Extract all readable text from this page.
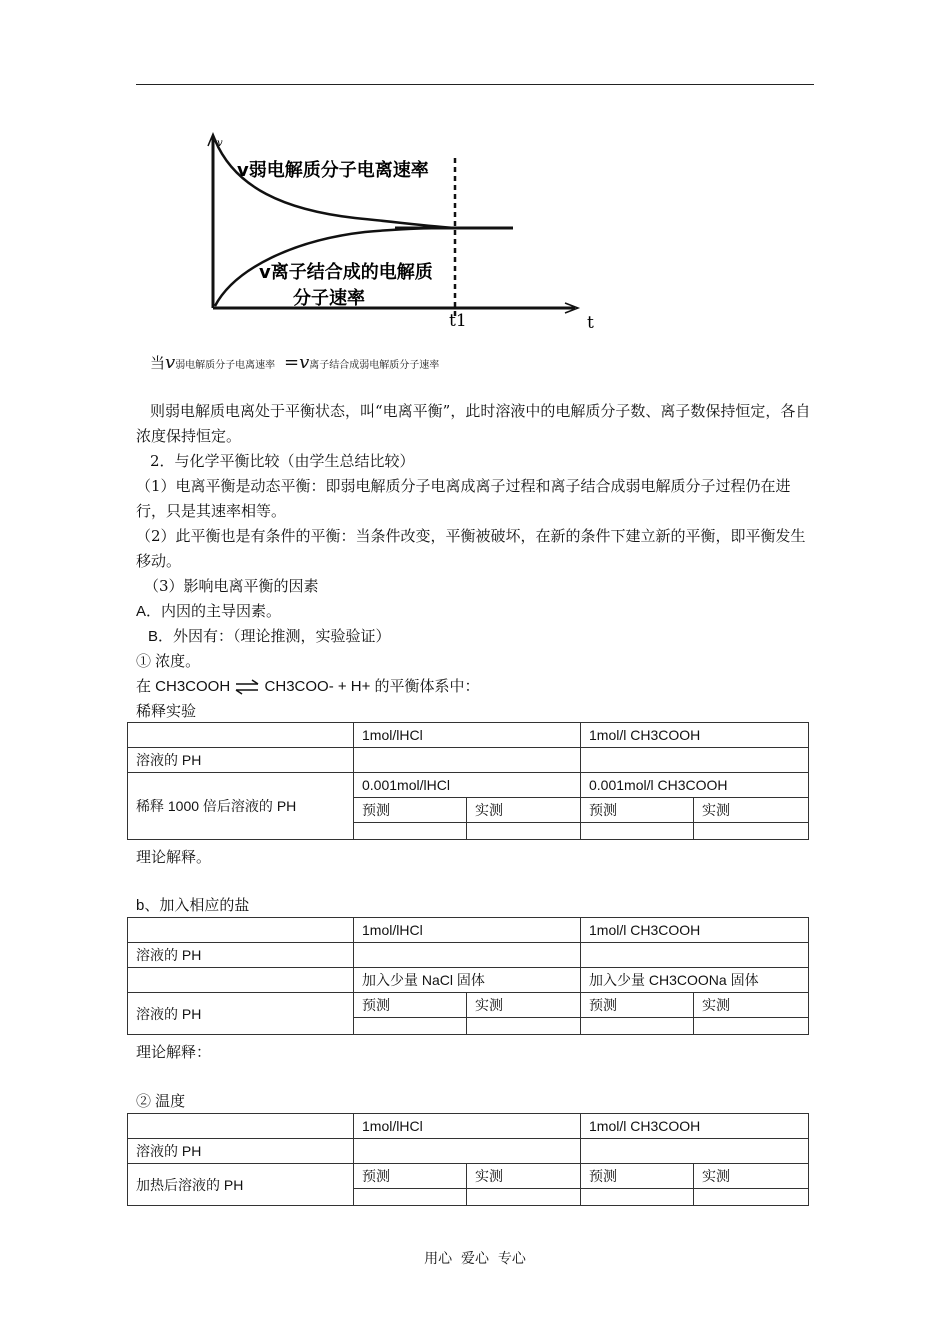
v
v弱电解质分子电离速率
v离子结合成的电解质
分子速率
t1	t
当v弱电解质分子电离速率 =v离子结合成弱电解质分子速率
则弱电解质电离处于平衡状态，叫“电离平衡”，此时溶液中的电解质分子数、离子数保持恒定，各自浓度保持恒定。
2．与化学平衡比较（由学生总结比较）
（1）电离平衡是动态平衡：即弱电解质分子电离成离子过程和离子结合成弱电解质分子过程仍在进行，只是其速率相等。
（2）此平衡也是有条件的平衡：当条件改变，平衡被破坏，在新的条件下建立新的平衡，即平衡发生移动。
（3）影响电离平衡的因素
A．内因的主导因素。
B．外因有：（理论推测，实验验证）
① 浓度。
在 CH3COOH ⇌ CH3COO- + H+ 的平衡体系中：
稀释实验
	1mol/lHCl		1mol/l CH3COOH	
溶液的 PH				
稀释 1000 倍后溶液的 PH	0.001mol/lHCl		0.001mol/l CH3COOH	
	预测	实测	预测	实测

理论解释。
b、加入相应的盐
	1mol/lHCl		1mol/l CH3COOH	
溶液的 PH				
	加入少量 NaCl 固体		加入少量 CH3COONa 固体	
溶液的 PH	预测	实测	预测	实测

理论解释：
② 温度
	1mol/lHCl		1mol/l CH3COOH	
溶液的 PH				
加热后溶液的 PH	预测	实测	预测	实测

用心  爱心  专心
